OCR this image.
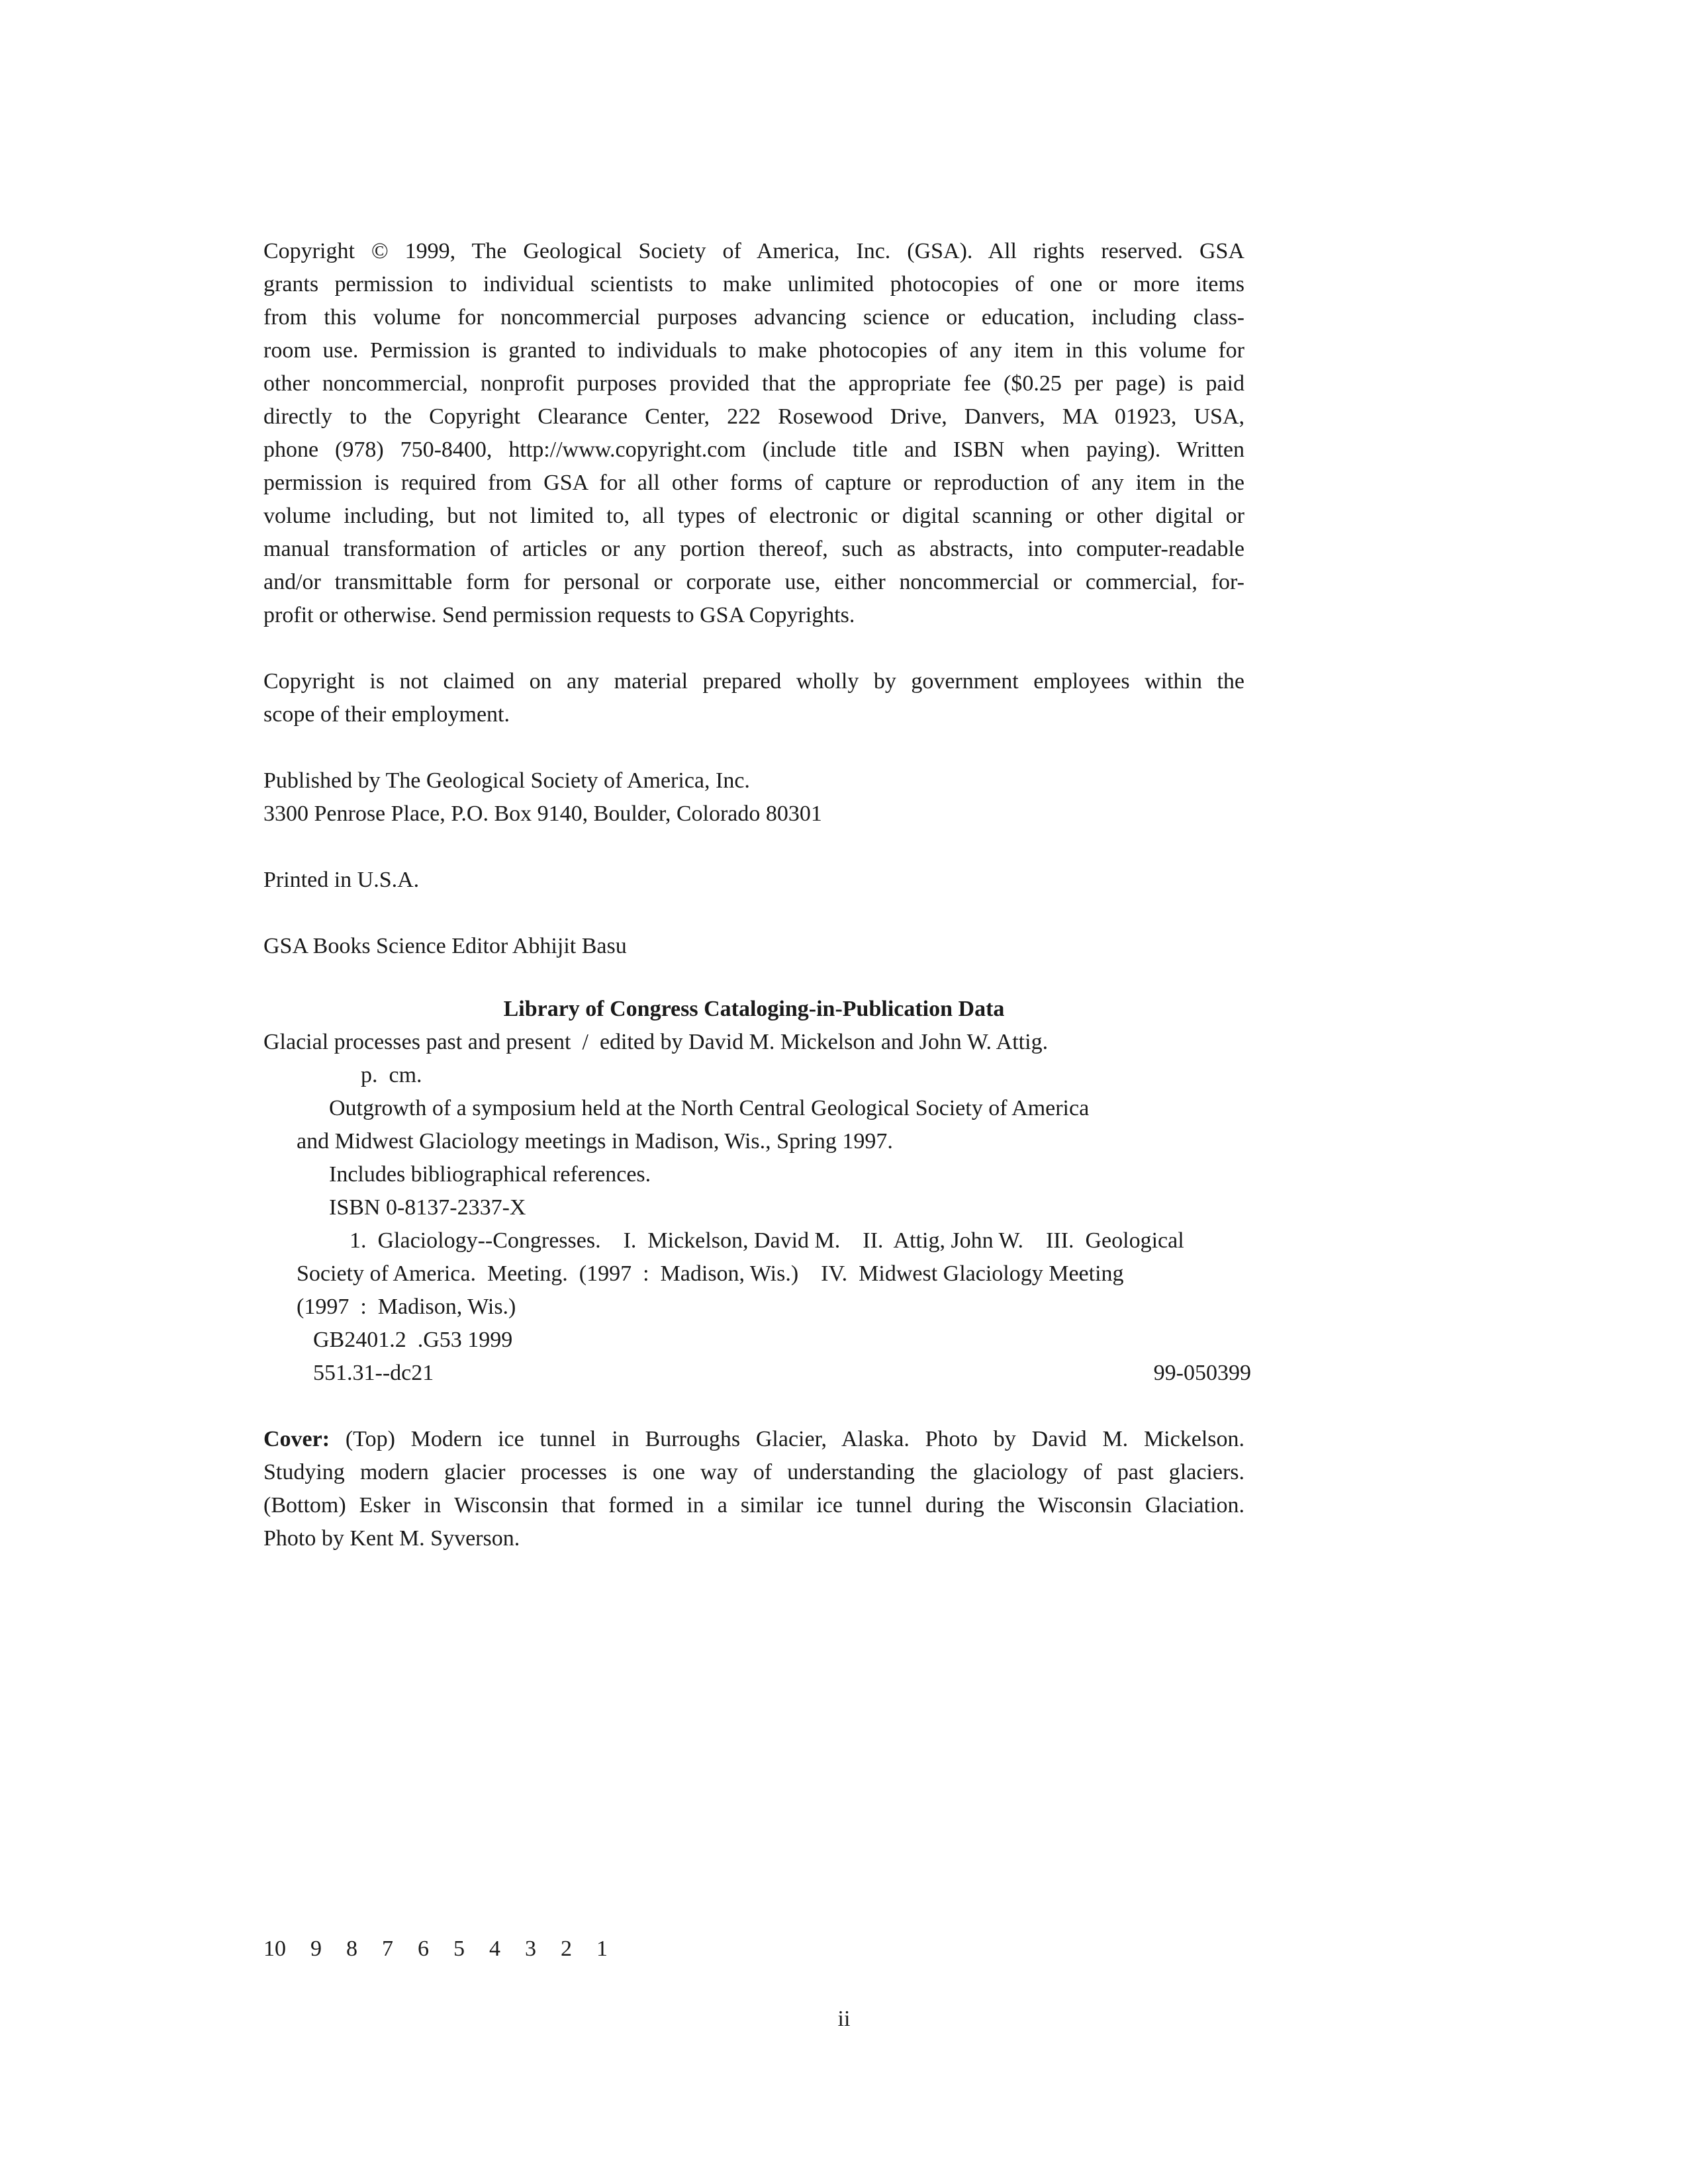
Copyright © 1999, The Geological Society of America, Inc. (GSA). All rights reserved. GSA
grants permission to individual scientists to make unlimited photocopies of one or more items
from this volume for noncommercial purposes advancing science or education, including class-
room use. Permission is granted to individuals to make photocopies of any item in this volume for
other noncommercial, nonprofit purposes provided that the appropriate fee ($0.25 per page) is paid
directly to the Copyright Clearance Center, 222 Rosewood Drive, Danvers, MA 01923, USA,
phone (978) 750-8400, http://www.copyright.com (include title and ISBN when paying). Written
permission is required from GSA for all other forms of capture or reproduction of any item in the
volume including, but not limited to, all types of electronic or digital scanning or other digital or
manual transformation of articles or any portion thereof, such as abstracts, into computer-readable
and/or transmittable form for personal or corporate use, either noncommercial or commercial, for-
profit or otherwise. Send permission requests to GSA Copyrights.
Copyright is not claimed on any material prepared wholly by government employees within the
scope of their employment.
Published by The Geological Society of America, Inc.
3300 Penrose Place, P.O. Box 9140, Boulder, Colorado 80301
Printed in U.S.A.
GSA Books Science Editor Abhijit Basu
Library of Congress Cataloging-in-Publication Data
Glacial processes past and present  /  edited by David M. Mickelson and John W. Attig.
p.  cm.
Outgrowth of a symposium held at the North Central Geological Society of America
and Midwest Glaciology meetings in Madison, Wis., Spring 1997.
Includes bibliographical references.
ISBN 0-8137-2337-X
1.  Glaciology--Congresses.    I.  Mickelson, David M.    II.  Attig, John W.    III.  Geological
Society of America.  Meeting.  (1997  :  Madison, Wis.)    IV.  Midwest Glaciology Meeting
(1997  :  Madison, Wis.)
GB2401.2  .G53 1999
551.31--dc21	99-050399
Cover: (Top) Modern ice tunnel in Burroughs Glacier, Alaska. Photo by David M. Mickelson.
Studying modern glacier processes is one way of understanding the glaciology of past glaciers.
(Bottom) Esker in Wisconsin that formed in a similar ice tunnel during the Wisconsin Glaciation.
Photo by Kent M. Syverson.
10  9  8  7  6  5  4  3  2  1
ii
